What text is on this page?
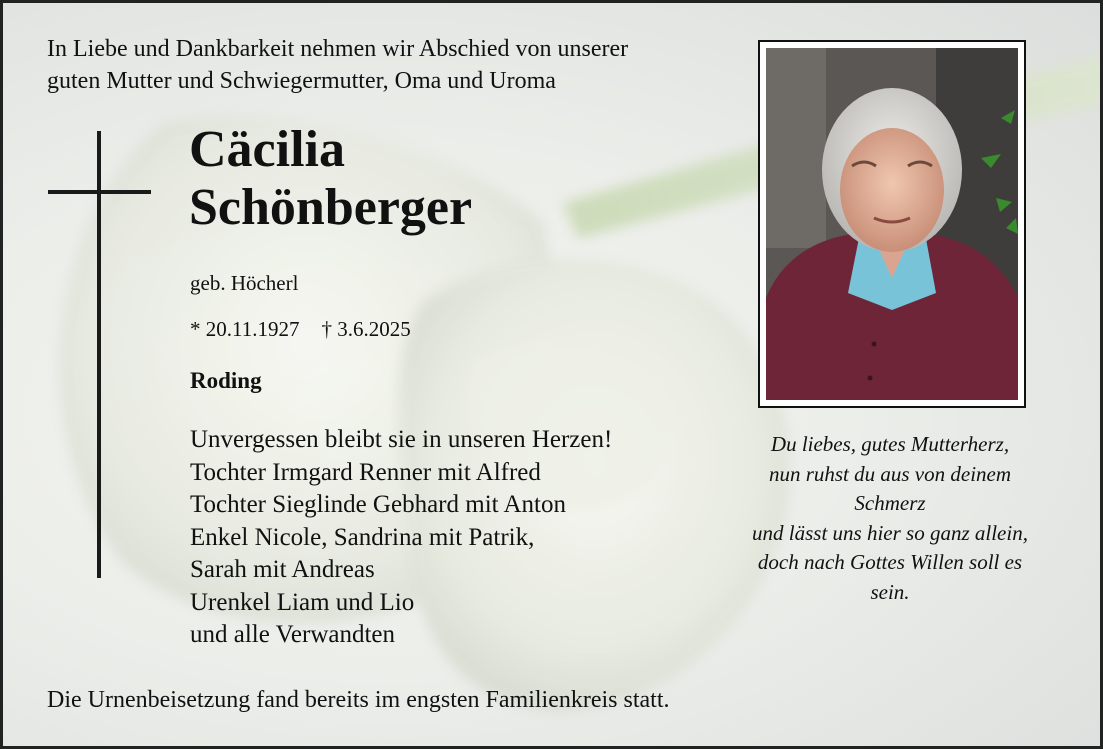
In Liebe und Dankbarkeit nehmen wir Abschied von unserer
guten Mutter und Schwiegermutter, Oma und Uroma
Cäcilia
Schönberger
geb. Höcherl
* 20.11.1927 † 3.6.2025
Roding
Unvergessen bleibt sie in unseren Herzen!
Tochter Irmgard Renner mit Alfred
Tochter Sieglinde Gebhard mit Anton
Enkel Nicole, Sandrina mit Patrik,
Sarah mit Andreas
Urenkel Liam und Lio
und alle Verwandten
Du liebes, gutes Mutterherz,
nun ruhst du aus von deinem
Schmerz
und lässt uns hier so ganz allein,
doch nach Gottes Willen soll es
sein.
Die Urnenbeisetzung fand bereits im engsten Familienkreis statt.
